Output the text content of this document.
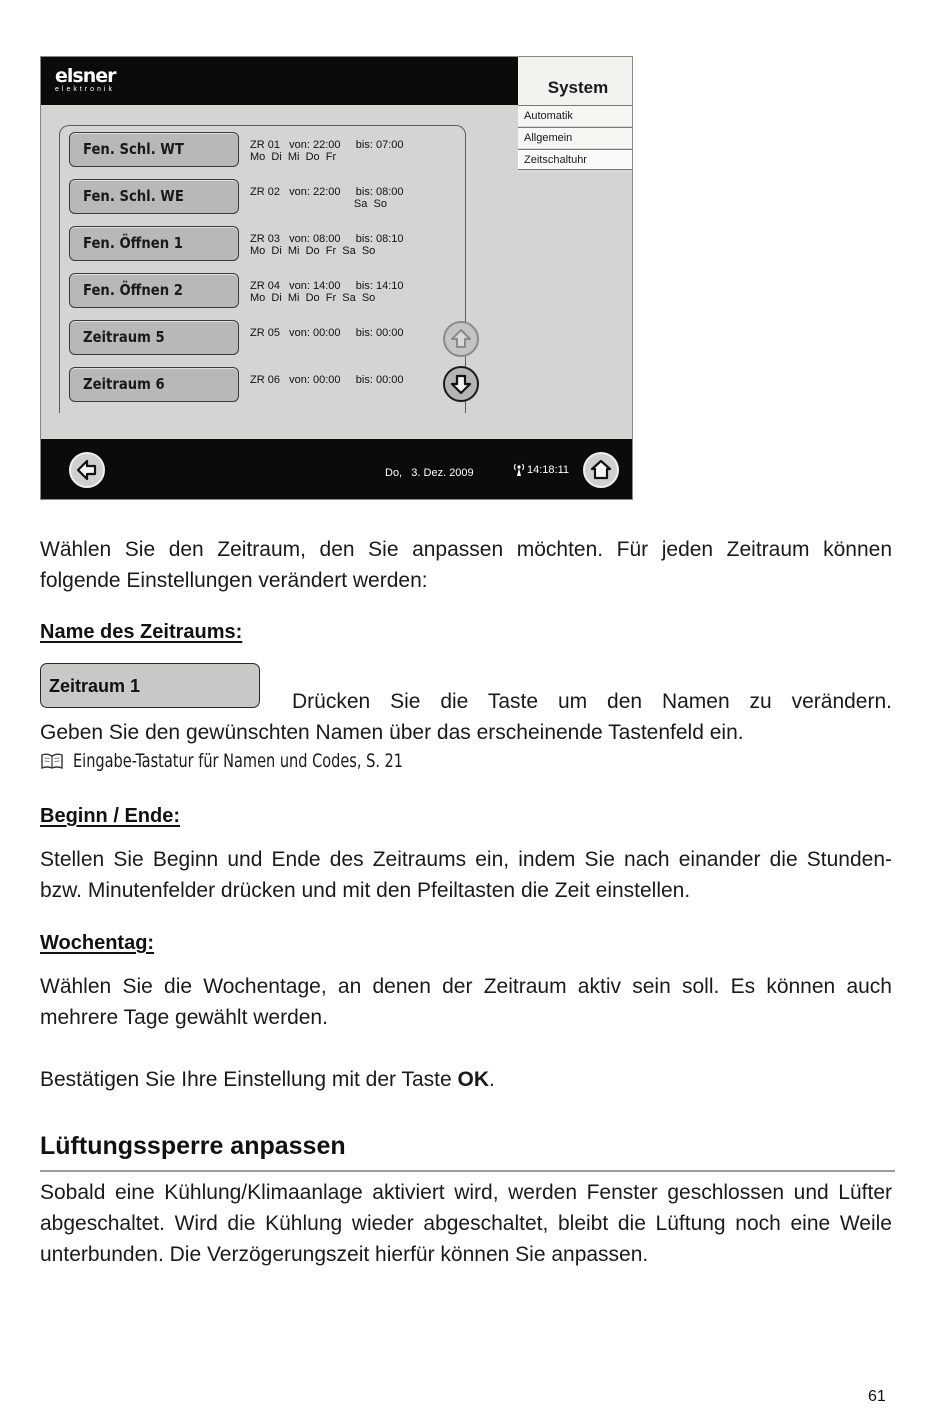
elsner
elektronik	System
Automatik
Allgemein
Zeitschaltuhr
Fen. Schl. WT	ZR 01   von: 22:00     bis: 07:00
Mo  Di  Mi  Do  Fr
Fen. Schl. WE	ZR 02   von: 22:00     bis: 08:00
Sa  So
Fen. Öffnen 1	ZR 03   von: 08:00     bis: 08:10
Mo  Di  Mi  Do  Fr  Sa  So
Fen. Öffnen 2	ZR 04   von: 14:00     bis: 14:10
Mo  Di  Mi  Do  Fr  Sa  So
Zeitraum 5	ZR 05   von: 00:00     bis: 00:00
Zeitraum 6	ZR 06   von: 00:00     bis: 00:00
Do,   3. Dez. 2009	14:18:11
Wählen Sie den Zeitraum, den Sie anpassen möchten. Für jeden Zeitraum können folgende Einstellungen verändert werden:
Name des Zeitraums:
Zeitraum 1
Drücken Sie die Taste um den Namen zu verändern.
Geben Sie den gewünschten Namen über das erscheinende Tastenfeld ein.
Eingabe-Tastatur für Namen und Codes, S. 21
Beginn / Ende:
Stellen Sie Beginn und Ende des Zeitraums ein, indem Sie nach einander die Stunden- bzw. Minutenfelder drücken und mit den Pfeiltasten die Zeit einstellen.
Wochentag:
Wählen Sie die Wochentage, an denen der Zeitraum aktiv sein soll. Es können auch mehrere Tage gewählt werden.
Bestätigen Sie Ihre Einstellung mit der Taste OK.
Lüftungssperre anpassen
Sobald eine Kühlung/Klimaanlage aktiviert wird, werden Fenster geschlossen und Lüfter abgeschaltet. Wird die Kühlung wieder abgeschaltet, bleibt die Lüftung noch eine Weile unterbunden. Die Verzögerungszeit hierfür können Sie anpassen.
61
